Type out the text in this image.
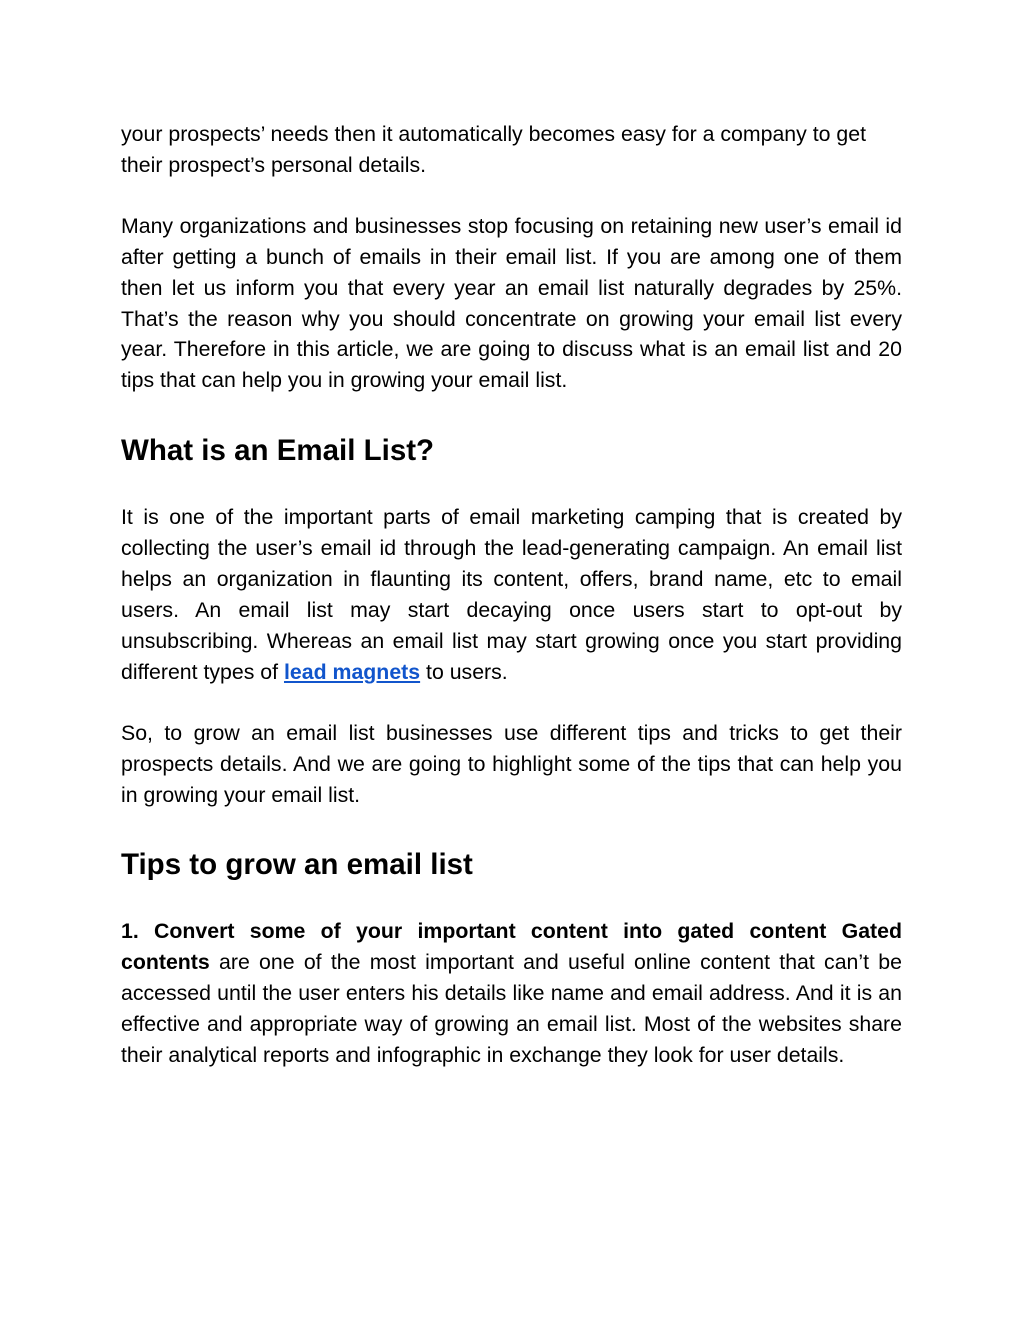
your prospects’ needs then it automatically becomes easy for a company to get their prospect’s personal details.

Many organizations and businesses stop focusing on retaining new user’s email id after getting a bunch of emails in their email list. If you are among one of them then let us inform you that every year an email list naturally degrades by 25%. That’s the reason why you should concentrate on growing your email list every year. Therefore in this article, we are going to discuss what is an email list and 20 tips that can help you in growing your email list.

What is an Email List?

It is one of the important parts of email marketing camping that is created by collecting the user’s email id through the lead-generating campaign. An email list helps an organization in flaunting its content, offers, brand name, etc to email users. An email list may start decaying once users start to opt-out by unsubscribing. Whereas an email list may start growing once you start providing different types of lead magnets to users.

So, to grow an email list businesses use different tips and tricks to get their prospects details. And we are going to highlight some of the tips that can help you in growing your email list.

Tips to grow an email list

1. Convert some of your important content into gated content Gated contents are one of the most important and useful online content that can’t be accessed until the user enters his details like name and email address. And it is an effective and appropriate way of growing an email list. Most of the websites share their analytical reports and infographic in exchange they look for user details.
